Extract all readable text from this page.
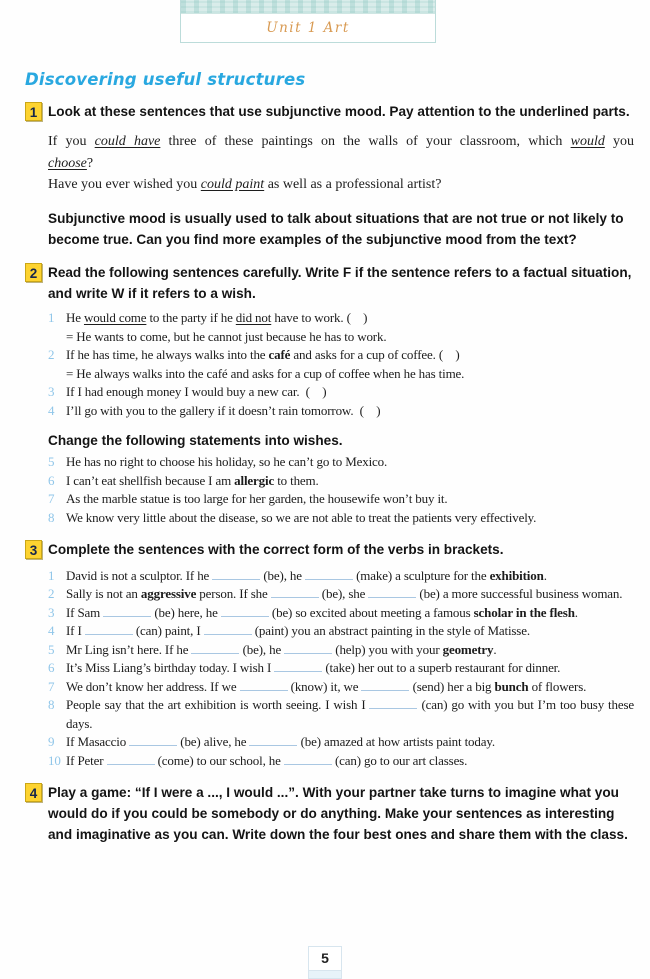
Unit 1 Art
Discovering useful structures
1 Look at these sentences that use subjunctive mood. Pay attention to the underlined parts.
If you could have three of these paintings on the walls of your classroom, which would you
choose?
Have you ever wished you could paint as well as a professional artist?
Subjunctive mood is usually used to talk about situations that are not true or not likely to become true. Can you find more examples of the subjunctive mood from the text?
2 Read the following sentences carefully. Write F if the sentence refers to a factual situation, and write W if it refers to a wish.
1 He would come to the party if he did not have to work. (    )
= He wants to come, but he cannot just because he has to work.
2 If he has time, he always walks into the café and asks for a cup of coffee. (    )
= He always walks into the café and asks for a cup of coffee when he has time.
3 If I had enough money I would buy a new car.  (    )
4 I’ll go with you to the gallery if it doesn’t rain tomorrow.  (    )
Change the following statements into wishes.
5 He has no right to choose his holiday, so he can’t go to Mexico.
6 I can’t eat shellfish because I am allergic to them.
7 As the marble statue is too large for her garden, the housewife won’t buy it.
8 We know very little about the disease, so we are not able to treat the patients very effectively.
3 Complete the sentences with the correct form of the verbs in brackets.
1 David is not a sculptor. If he	(be), he	(make) a sculpture for the exhibition.
2 Sally is not an aggressive person. If she	(be), she	(be) a more successful business woman.
3 If Sam	(be) here, he	(be) so excited about meeting a famous scholar in the flesh.
4 If I	(can) paint, I	(paint) you an abstract painting in the style of Matisse.
5 Mr Ling isn’t here. If he	(be), he	(help) you with your geometry.
6 It’s Miss Liang’s birthday today. I wish I	(take) her out to a superb restaurant for dinner.
7 We don’t know her address. If we	(know) it, we	(send) her a big bunch of flowers.
8 People say that the art exhibition is worth seeing. I wish I	(can) go with you but I’m too busy these days.
9 If Masaccio	(be) alive, he	(be) amazed at how artists paint today.
10 If Peter	(come) to our school, he	(can) go to our art classes.
4 Play a game: “If I were a ..., I would ...”. With your partner take turns to imagine what you would do if you could be somebody or do anything. Make your sentences as interesting and imaginative as you can. Write down the four best ones and share them with the class.
5
